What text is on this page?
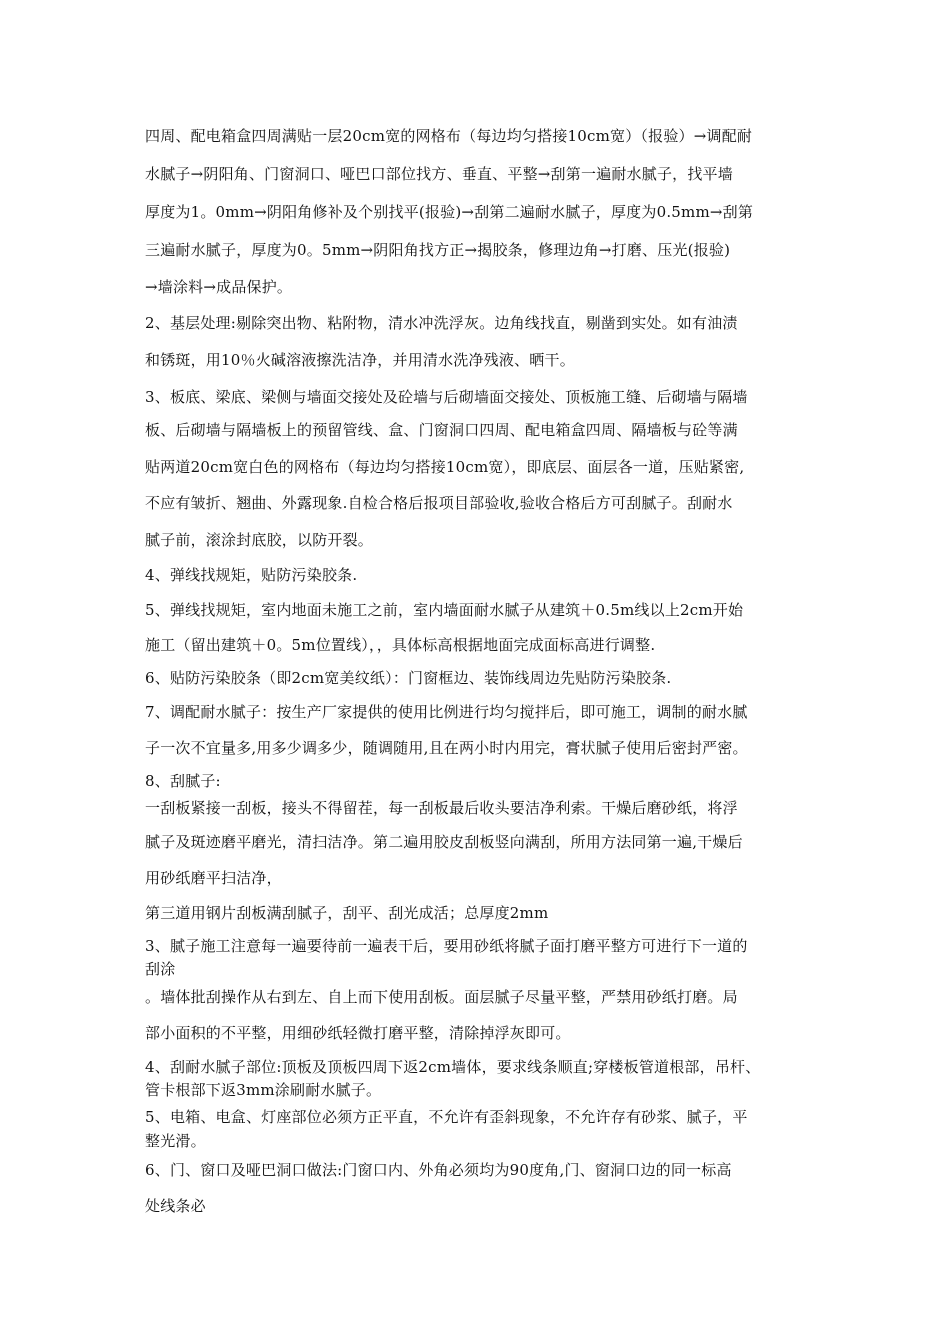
四周、配电箱盒四周满贴一层20cm宽的网格布（每边均匀搭接10cm宽）（报验）→调配耐
水腻子→阴阳角、门窗洞口、哑巴口部位找方、垂直、平整→刮第一遍耐水腻子，找平墙
厚度为1。0mm→阴阳角修补及个别找平(报验)→刮第二遍耐水腻子，厚度为0.5mm→刮第
三遍耐水腻子，厚度为0。5mm→阴阳角找方正→揭胶条，修理边角→打磨、压光(报验)
→墙涂料→成品保护。
2、基层处理:剔除突出物、粘附物，清水冲洗浮灰。边角线找直，剔凿到实处。如有油渍
和锈斑，用10％火碱溶液擦洗洁净，并用清水洗净残液、晒干。
3、板底、梁底、梁侧与墙面交接处及砼墙与后砌墙面交接处、顶板施工缝、后砌墙与隔墙
板、后砌墙与隔墙板上的预留管线、盒、门窗洞口四周、配电箱盒四周、隔墙板与砼等满
贴两道20cm宽白色的网格布（每边均匀搭接10cm宽），即底层、面层各一道，压贴紧密,
不应有皱折、翘曲、外露现象.自检合格后报项目部验收,验收合格后方可刮腻子。刮耐水
腻子前，滚涂封底胶，以防开裂。
4、弹线找规矩，贴防污染胶条.
5、弹线找规矩，室内地面未施工之前，室内墙面耐水腻子从建筑＋0.5m线以上2cm开始
施工（留出建筑＋0。5m位置线），，具体标高根据地面完成面标高进行调整.
6、贴防污染胶条（即2cm宽美纹纸）：门窗框边、装饰线周边先贴防污染胶条.
7、调配耐水腻子：按生产厂家提供的使用比例进行均匀搅拌后，即可施工，调制的耐水腻
子一次不宜量多,用多少调多少，随调随用,且在两小时内用完，膏状腻子使用后密封严密。
8、刮腻子:
一刮板紧接一刮板，接头不得留茬，每一刮板最后收头要洁净利索。干燥后磨砂纸，将浮
腻子及斑迹磨平磨光，清扫洁净。第二遍用胶皮刮板竖向满刮，所用方法同第一遍,干燥后
用砂纸磨平扫洁净，
第三道用钢片刮板满刮腻子，刮平、刮光成活；总厚度2mm
3、腻子施工注意每一遍要待前一遍表干后，要用砂纸将腻子面打磨平整方可进行下一道的
刮涂
。墙体批刮操作从右到左、自上而下使用刮板。面层腻子尽量平整，严禁用砂纸打磨。局
部小面积的不平整，用细砂纸轻微打磨平整，清除掉浮灰即可。
4、刮耐水腻子部位:顶板及顶板四周下返2cm墙体，要求线条顺直;穿楼板管道根部，吊杆、
管卡根部下返3mm涂刷耐水腻子。
5、电箱、电盒、灯座部位必须方正平直，不允许有歪斜现象，不允许存有砂浆、腻子，平
整光滑。
6、门、窗口及哑巴洞口做法:门窗口内、外角必须均为90度角,门、窗洞口边的同一标高
处线条必
